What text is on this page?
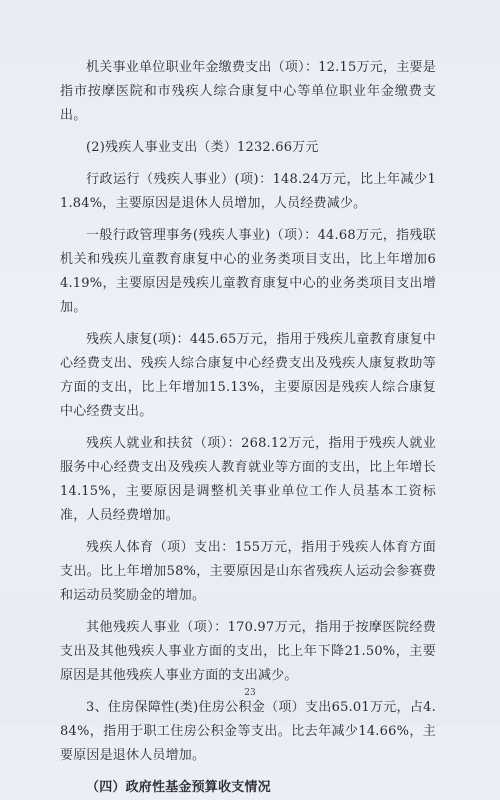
机关事业单位职业年金缴费支出（项）：12.15万元，主要是指市按摩医院和市残疾人综合康复中心等单位职业年金缴费支出。

(2)残疾人事业支出（类）1232.66万元

行政运行（残疾人事业）(项)：148.24万元，比上年减少11.84%，主要原因是退休人员增加，人员经费减少。

一般行政管理事务(残疾人事业)（项）：44.68万元，指残联机关和残疾儿童教育康复中心的业务类项目支出，比上年增加64.19%，主要原因是残疾儿童教育康复中心的业务类项目支出增加。

残疾人康复(项)：445.65万元，指用于残疾儿童教育康复中心经费支出、残疾人综合康复中心经费支出及残疾人康复救助等方面的支出，比上年增加15.13%，主要原因是残疾人综合康复中心经费支出。

残疾人就业和扶贫（项）：268.12万元，指用于残疾人就业服务中心经费支出及残疾人教育就业等方面的支出，比上年增长14.15%，主要原因是调整机关事业单位工作人员基本工资标准，人员经费增加。

残疾人体育（项）支出：155万元，指用于残疾人体育方面支出。比上年增加58%，主要原因是山东省残疾人运动会参赛费和运动员奖励金的增加。

其他残疾人事业（项）：170.97万元，指用于按摩医院经费支出及其他残疾人事业方面的支出，比上年下降21.50%，主要原因是其他残疾人事业方面的支出减少。

3、住房保障性(类)住房公积金（项）支出65.01万元，占4.84%，指用于职工住房公积金等支出。比去年减少14.66%，主要原因是退休人员增加。

（四）政府性基金预算收支情况

23
